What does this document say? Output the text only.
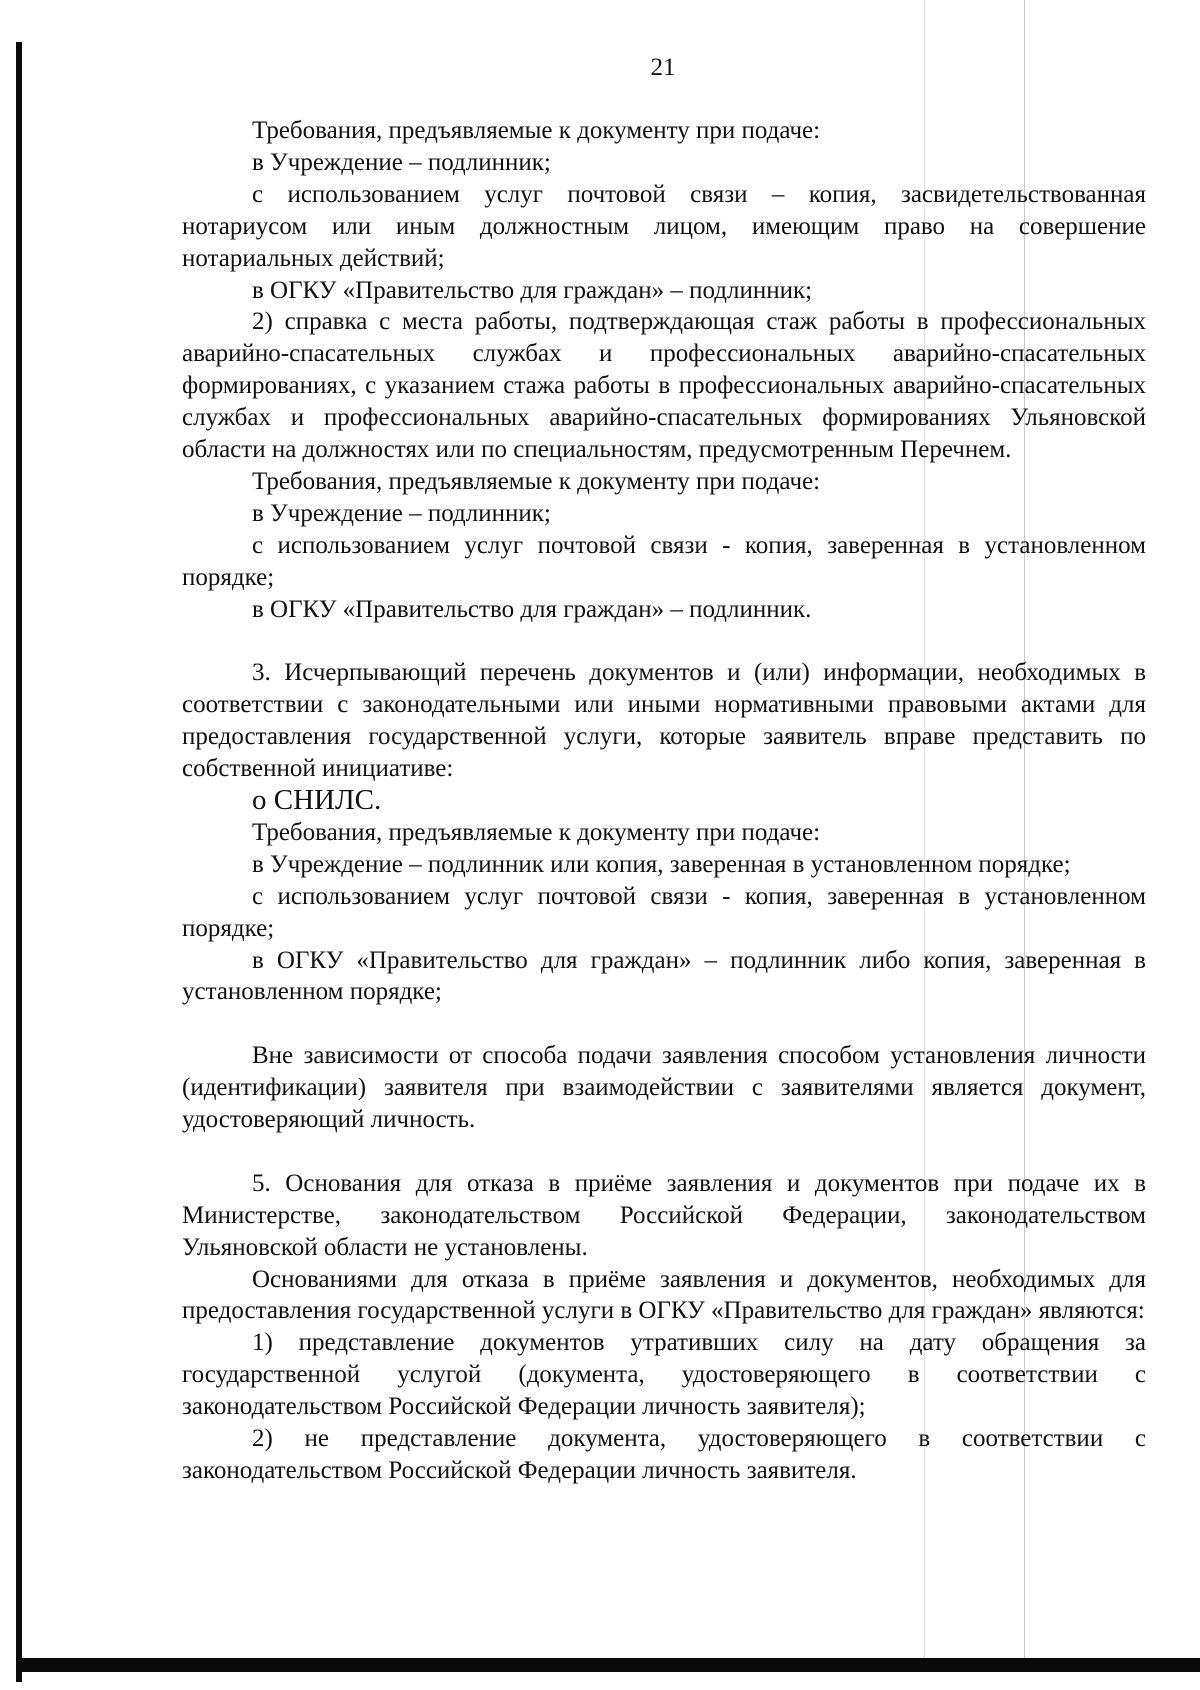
21

Требования, предъявляемые к документу при подаче:

в Учреждение – подлинник;

с использованием услуг почтовой связи – копия, засвидетельствованная нотариусом или иным должностным лицом, имеющим право на совершение нотариальных действий;

в ОГКУ «Правительство для граждан» – подлинник;

2) справка с места работы, подтверждающая стаж работы в профессиональных аварийно-спасательных службах и профессиональных аварийно-спасательных формированиях, с указанием стажа работы в профессиональных аварийно-спасательных службах и профессиональных аварийно-спасательных формированиях Ульяновской области на должностях или по специальностям, предусмотренным Перечнем.

Требования, предъявляемые к документу при подаче:

в Учреждение – подлинник;

с использованием услуг почтовой связи - копия, заверенная в установленном порядке;

в ОГКУ «Правительство для граждан» – подлинник.

3. Исчерпывающий перечень документов и (или) информации, необходимых в соответствии с законодательными или иными нормативными правовыми актами для предоставления государственной услуги, которые заявитель вправе представить по собственной инициативе:

о СНИЛС.

Требования, предъявляемые к документу при подаче:

в Учреждение – подлинник или копия, заверенная в установленном порядке;

с использованием услуг почтовой связи - копия, заверенная в установленном порядке;

в ОГКУ «Правительство для граждан» – подлинник либо копия, заверенная в установленном порядке;

Вне зависимости от способа подачи заявления способом установления личности (идентификации) заявителя при взаимодействии с заявителями является документ, удостоверяющий личность.

5. Основания для отказа в приёме заявления и документов при подаче их в Министерстве, законодательством Российской Федерации, законодательством Ульяновской области не установлены.

Основаниями для отказа в приёме заявления и документов, необходимых для предоставления государственной услуги в ОГКУ «Правительство для граждан» являются:

1) представление документов утративших силу на дату обращения за государственной услугой (документа, удостоверяющего в соответствии с законодательством Российской Федерации личность заявителя);

2) не представление документа, удостоверяющего в соответствии с законодательством Российской Федерации личность заявителя.
